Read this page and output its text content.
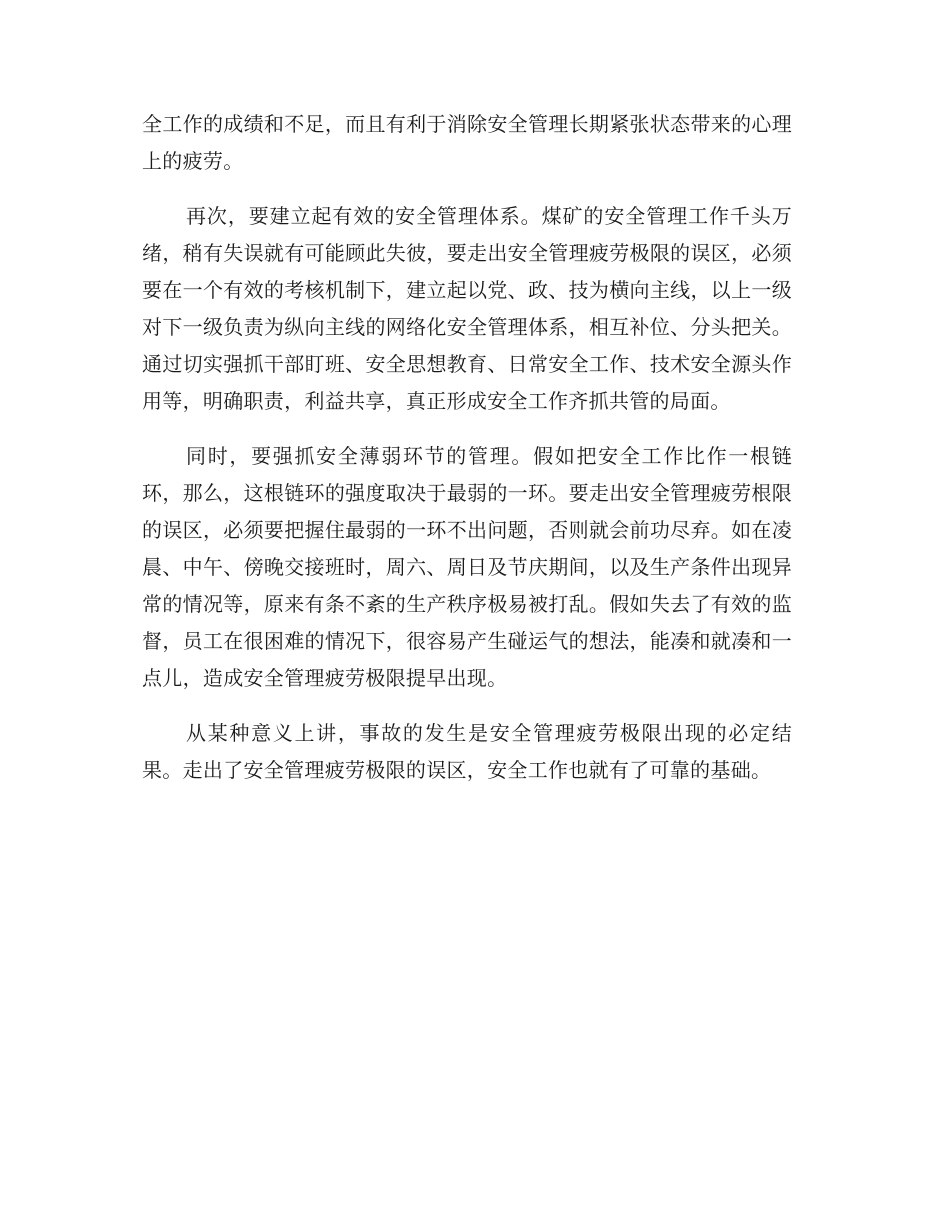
全工作的成绩和不足，而且有利于消除安全管理长期紧张状态带来的心理上的疲劳。

再次，要建立起有效的安全管理体系。煤矿的安全管理工作千头万绪，稍有失误就有可能顾此失彼，要走出安全管理疲劳极限的误区，必须要在一个有效的考核机制下，建立起以党、政、技为横向主线，以上一级对下一级负责为纵向主线的网络化安全管理体系，相互补位、分头把关。通过切实强抓干部盯班、安全思想教育、日常安全工作、技术安全源头作用等，明确职责，利益共享，真正形成安全工作齐抓共管的局面。

同时，要强抓安全薄弱环节的管理。假如把安全工作比作一根链环，那么，这根链环的强度取决于最弱的一环。要走出安全管理疲劳根限的误区，必须要把握住最弱的一环不出问题，否则就会前功尽弃。如在凌晨、中午、傍晚交接班时，周六、周日及节庆期间，以及生产条件出现异常的情况等，原来有条不紊的生产秩序极易被打乱。假如失去了有效的监督，员工在很困难的情况下，很容易产生碰运气的想法，能凑和就凑和一点儿，造成安全管理疲劳极限提早出现。

从某种意义上讲，事故的发生是安全管理疲劳极限出现的必定结果。走出了安全管理疲劳极限的误区，安全工作也就有了可靠的基础。
